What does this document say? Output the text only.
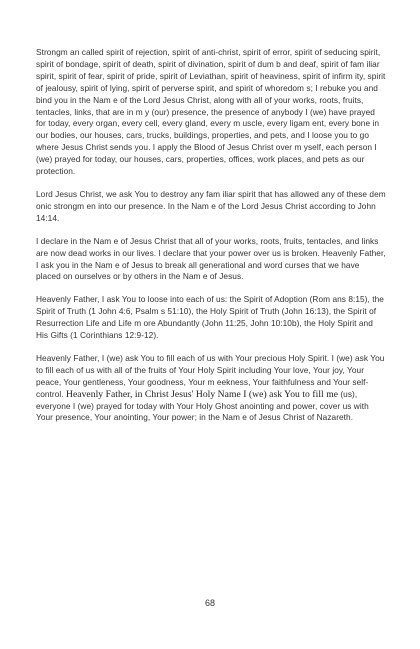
Strongm an called spirit of rejection, spirit of anti-christ, spirit of error, spirit of seducing spirit, spirit of bondage, spirit of death, spirit of divination, spirit of dum b and deaf, spirit of fam iliar spirit, spirit of fear, spirit of pride, spirit of Leviathan, spirit of heaviness, spirit of infirm ity, spirit of jealousy, spirit of lying, spirit of perverse spirit, and spirit of whoredom s; I rebuke you and bind you in the Nam e of the Lord Jesus Christ, along with all of your works, roots, fruits, tentacles, links, that are in m y (our) presence, the presence of anybody I (we) have prayed for today, every organ, every cell, every gland, every m uscle, every ligam ent, every bone in our bodies, our houses, cars, trucks, buildings, properties, and pets, and I loose you to go where Jesus Christ sends you. I apply the Blood of Jesus Christ over m yself, each person I (we) prayed for today, our houses, cars, properties, offices, work places, and pets as our protection.

Lord Jesus Christ, we ask You to destroy any fam iliar spirit that has allowed any of these dem onic strongm en into our presence. In the Nam e of the Lord Jesus Christ according to John 14:14.

I declare in the Nam e of Jesus Christ that all of your works, roots, fruits, tentacles, and links are now dead works in our lives. I declare that your power over us is broken. Heavenly Father, I ask you in the Nam e of Jesus to break all generational and word curses that we have placed on ourselves or by others in the Nam e of Jesus.

Heavenly Father, I ask You to loose into each of us: the Spirit of Adoption (Rom ans 8:15), the Spirit of Truth (1 John 4:6, Psalm s 51:10), the Holy Spirit of Truth (John 16:13), the Spirit of Resurrection Life and Life m ore Abundantly (John 11:25, John 10:10b), the Holy Spirit and His Gifts (1 Corinthians 12:9-12).

Heavenly Father, I (we) ask You to fill each of us with Your precious Holy Spirit. I (we) ask You to fill each of us with all of the fruits of Your Holy Spirit including Your love, Your joy, Your peace, Your gentleness, Your goodness, Your m eekness, Your faithfulness and Your self-control. Heavenly Father, in Christ Jesus' Holy Name I (we) ask You to fill me (us), everyone I (we) prayed for today with Your Holy Ghost anointing and power, cover us with Your presence, Your anointing, Your power; in the Nam e of Jesus Christ of Nazareth.

68
